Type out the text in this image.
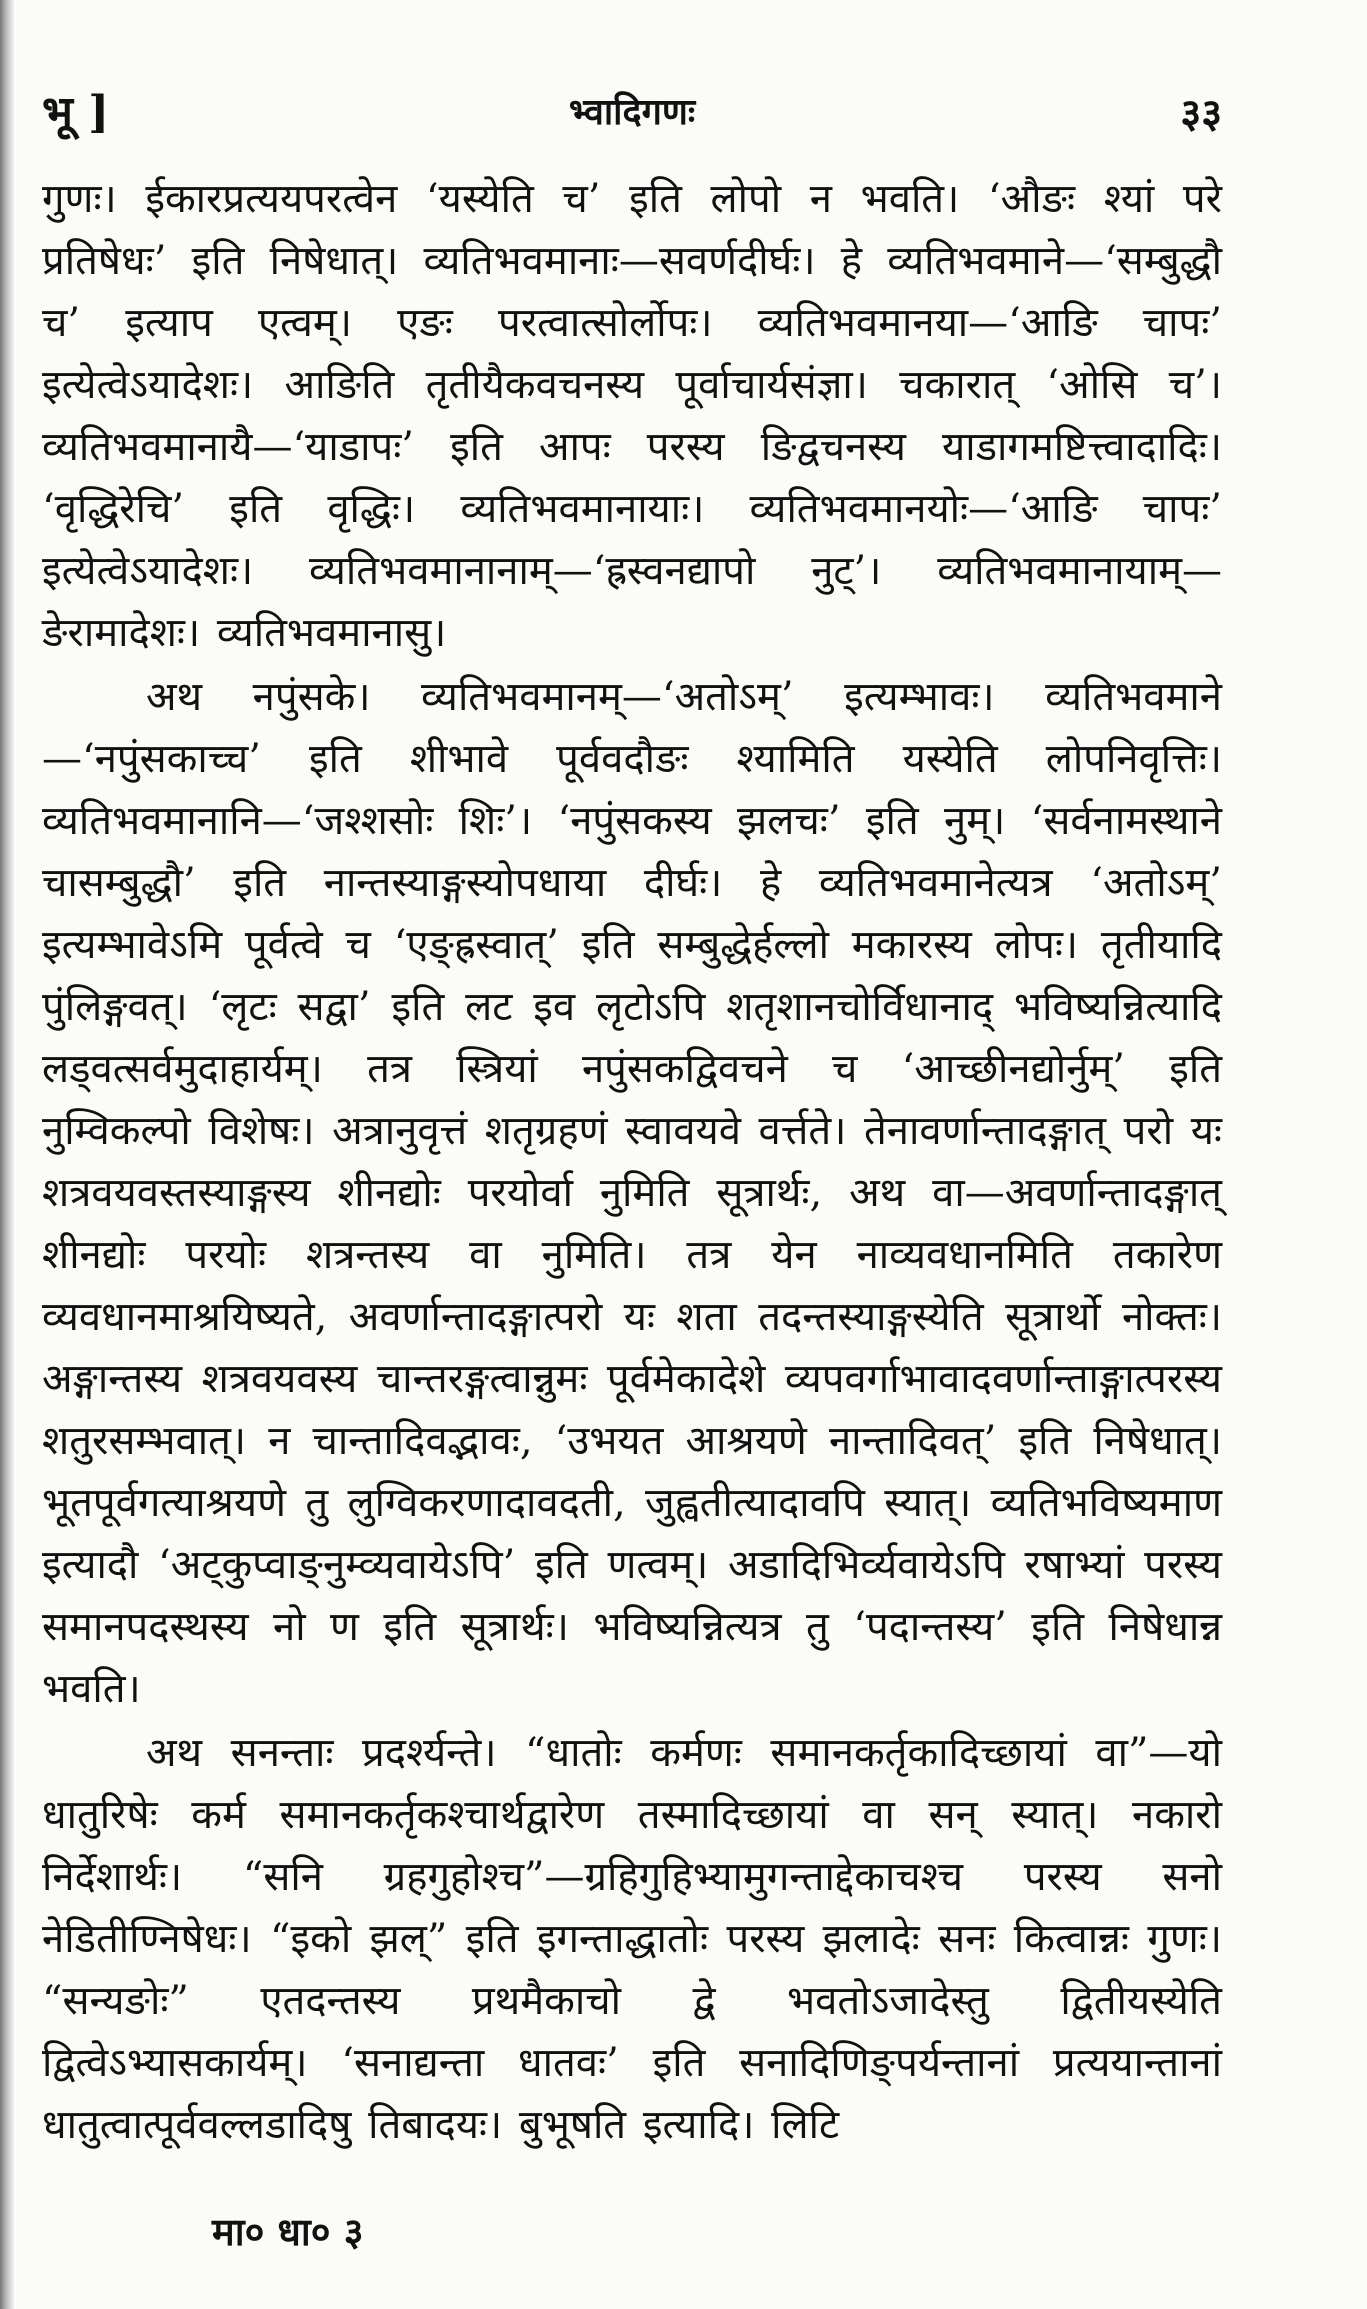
भू ]	भ्वादिगणः	३३

गुणः। ईकारप्रत्ययपरत्वेन ‘यस्येति च’ इति लोपो न भवति। ‘औङः श्यां परे प्रतिषेधः’ इति निषेधात्। व्यतिभवमानाः—सवर्णदीर्घः। हे व्यतिभवमाने—‘सम्बुद्धौ च’ इत्याप एत्वम्। एङः परत्वात्सोर्लोपः। व्यतिभवमानया—‘आङि चापः’ इत्येत्वेऽयादेशः। आङिति तृतीयैकवचनस्य पूर्वाचार्यसंज्ञा। चकारात् ‘ओसि च’। व्यतिभवमानायै—‘याडापः’ इति आपः परस्य ङिद्वचनस्य याडागमष्टित्त्वादादिः। ‘वृद्धिरेचि’ इति वृद्धिः। व्यतिभवमानायाः। व्यतिभवमानयोः—‘आङि चापः’ इत्येत्वेऽयादेशः। व्यतिभवमानानाम्—‘ह्रस्वनद्यापो नुट्’। व्यतिभवमानायाम्—ङेरामादेशः। व्यतिभवमानासु।

अथ नपुंसके। व्यतिभवमानम्—‘अतोऽम्’ इत्यम्भावः। व्यतिभवमाने—‘नपुंसकाच्च’ इति शीभावे पूर्ववदौङः श्यामिति यस्येति लोपनिवृत्तिः। व्यतिभवमानानि—‘जश्शसोः शिः’। ‘नपुंसकस्य झलचः’ इति नुम्। ‘सर्वनामस्थाने चासम्बुद्धौ’ इति नान्तस्याङ्गस्योपधाया दीर्घः। हे व्यतिभवमानेत्यत्र ‘अतोऽम्’ इत्यम्भावेऽमि पूर्वत्वे च ‘एङ्ह्रस्वात्’ इति सम्बुद्धेर्हल्लो मकारस्य लोपः। तृतीयादि पुंलिङ्गवत्। ‘लृटः सद्वा’ इति लट इव लृटोऽपि शतृशानचोर्विधानाद् भविष्यन्नित्यादि लड्वत्सर्वमुदाहार्यम्। तत्र स्त्रियां नपुंसकद्विवचने च ‘आच्छीनद्योर्नुम्’ इति नुम्विकल्पो विशेषः। अत्रानुवृत्तं शतृग्रहणं स्वावयवे वर्त्तते। तेनावर्णान्तादङ्गात् परो यः शत्रवयवस्तस्याङ्गस्य शीनद्योः परयोर्वा नुमिति सूत्रार्थः, अथ वा—अवर्णान्तादङ्गात् शीनद्योः परयोः शत्रन्तस्य वा नुमिति। तत्र येन नाव्यवधानमिति तकारेण व्यवधानमाश्रयिष्यते, अवर्णान्तादङ्गात्परो यः शता तदन्तस्याङ्गस्येति सूत्रार्थो नोक्तः। अङ्गान्तस्य शत्रवयवस्य चान्तरङ्गत्वान्नुमः पूर्वमेकादेशे व्यपवर्गाभावादवर्णान्ताङ्गात्परस्य शतुरसम्भवात्। न चान्तादिवद्भावः, ‘उभयत आश्रयणे नान्तादिवत्’ इति निषेधात्। भूतपूर्वगत्याश्रयणे तु लुग्विकरणादावदती, जुह्वतीत्यादावपि स्यात्। व्यतिभविष्यमाण इत्यादौ ‘अट्कुप्वाङ्नुम्व्यवायेऽपि’ इति णत्वम्। अडादिभिर्व्यवायेऽपि रषाभ्यां परस्य समानपदस्थस्य नो ण इति सूत्रार्थः। भविष्यन्नित्यत्र तु ‘पदान्तस्य’ इति निषेधान्न भवति।

अथ सनन्ताः प्रदर्श्यन्ते। “धातोः कर्मणः समानकर्तृकादिच्छायां वा”—यो धातुरिषेः कर्म समानकर्तृकश्चार्थद्वारेण तस्मादिच्छायां वा सन् स्यात्। नकारो निर्देशार्थः। “सनि ग्रहगुहोश्च”—ग्रहिगुहिभ्यामुगन्ताद्देकाचश्च परस्य सनो नेडितीण्निषेधः। “इको झल्” इति इगन्ताद्धातोः परस्य झलादेः सनः कित्वान्नः गुणः। “सन्यङोः” एतदन्तस्य प्रथमैकाचो द्वे भवतोऽजादेस्तु द्वितीयस्येति द्वित्वेऽभ्यासकार्यम्। ‘सनाद्यन्ता धातवः’ इति सनादिणिङ्पर्यन्तानां प्रत्ययान्तानां धातुत्वात्पूर्ववल्लडादिषु तिबादयः। बुभूषति इत्यादि। लिटि

मा० धा० ३
